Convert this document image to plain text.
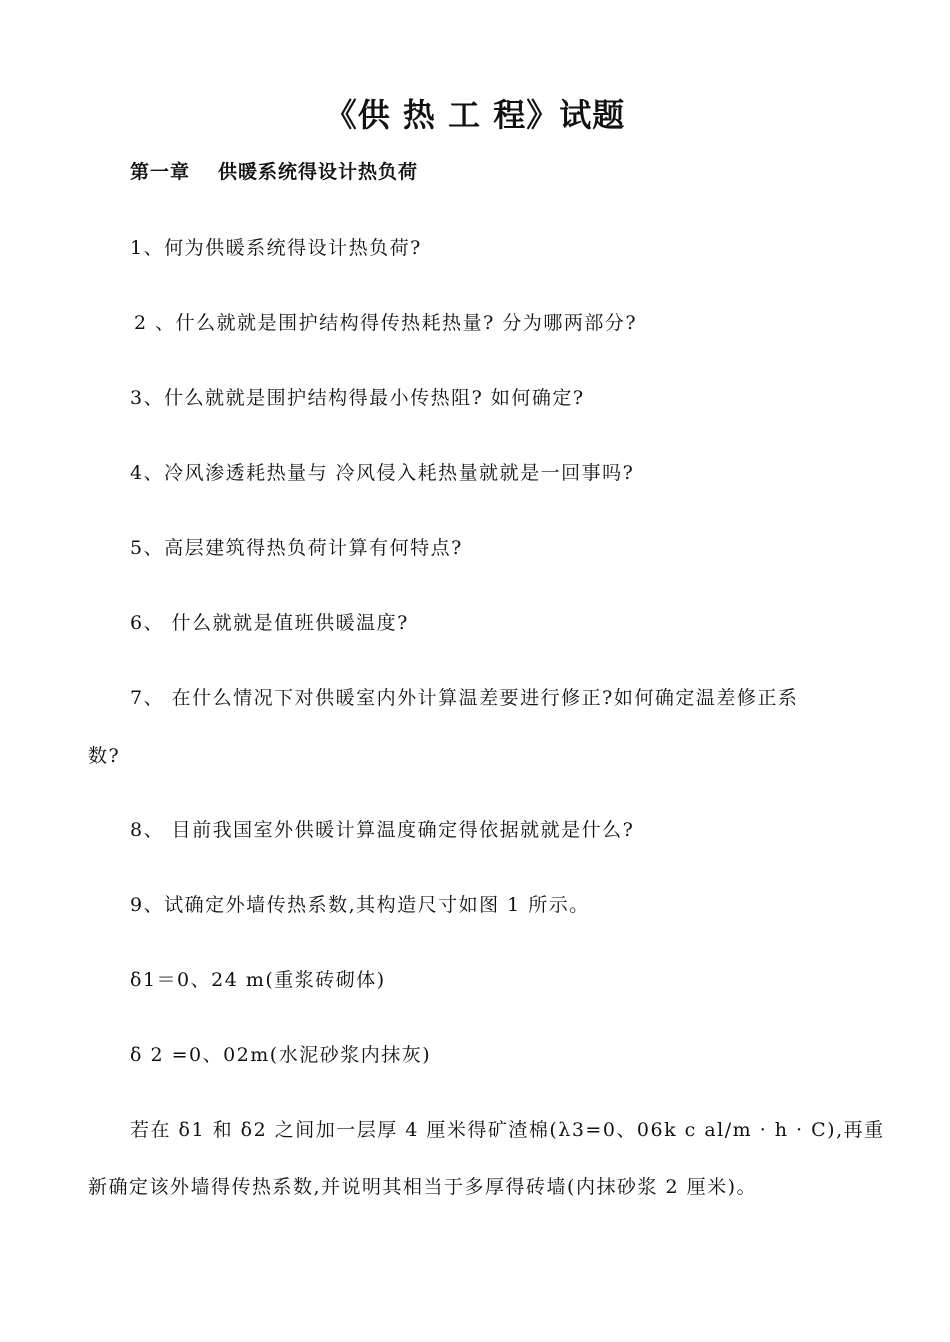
《供 热 工 程》试题
第一章 供暖系统得设计热负荷
1、何为供暖系统得设计热负荷?
2 、什么就就是围护结构得传热耗热量? 分为哪两部分?
3、什么就就是围护结构得最小传热阻? 如何确定?
4、冷风渗透耗热量与 冷风侵入耗热量就就是一回事吗?
5、高层建筑得热负荷计算有何特点?
6、 什么就就是值班供暖温度?
7、 在什么情况下对供暖室内外计算温差要进行修正?如何确定温差修正系
数?
8、 目前我国室外供暖计算温度确定得依据就就是什么?
9、试确定外墙传热系数,其构造尺寸如图 1 所示。
δ1＝0、24 m(重浆砖砌体)
δ 2 =0、02m(水泥砂浆内抹灰)
若在 δ1 和 δ2 之间加一层厚 4 厘米得矿渣棉(λ3=0、06k c al/m · h · C),再重
新确定该外墙得传热系数,并说明其相当于多厚得砖墙(内抹砂浆 2 厘米)。
